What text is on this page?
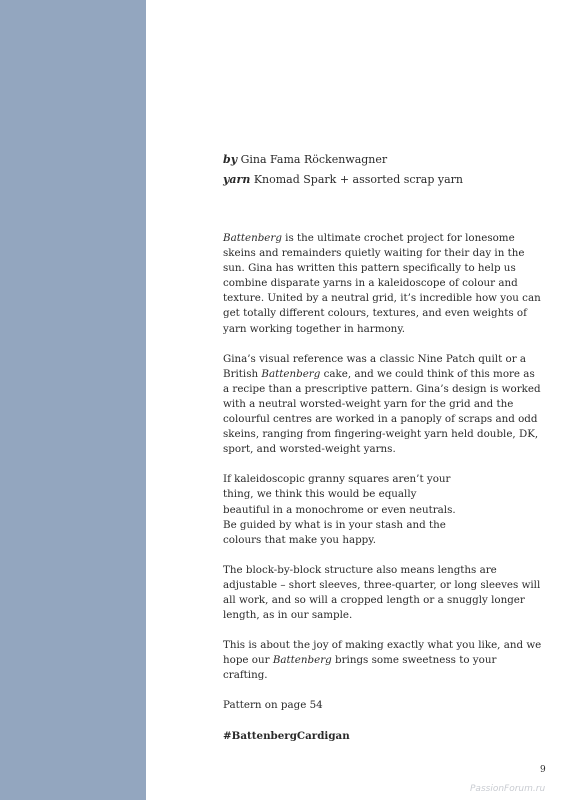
by Gina Fama Röckenwagner
yarn Knomad Spark + assorted scrap yarn

Battenberg is the ultimate crochet project for lonesome skeins and remainders quietly waiting for their day in the sun. Gina has written this pattern specifically to help us combine disparate yarns in a kaleidoscope of colour and texture. United by a neutral grid, it’s incredible how you can get totally different colours, textures, and even weights of yarn working together in harmony.

Gina’s visual reference was a classic Nine Patch quilt or a British Battenberg cake, and we could think of this more as a recipe than a prescriptive pattern. Gina’s design is worked with a neutral worsted-weight yarn for the grid and the colourful centres are worked in a panoply of scraps and odd skeins, ranging from fingering-weight yarn held double, DK, sport, and worsted-weight yarns.

If kaleidoscopic granny squares aren’t your thing, we think this would be equally beautiful in a monochrome or even neutrals. Be guided by what is in your stash and the colours that make you happy.

The block-by-block structure also means lengths are adjustable – short sleeves, three-quarter, or long sleeves will all work, and so will a cropped length or a snuggly longer length, as in our sample.

This is about the joy of making exactly what you like, and we hope our Battenberg brings some sweetness to your crafting.

Pattern on page 54

#BattenbergCardigan

9
PassionForum.ru
